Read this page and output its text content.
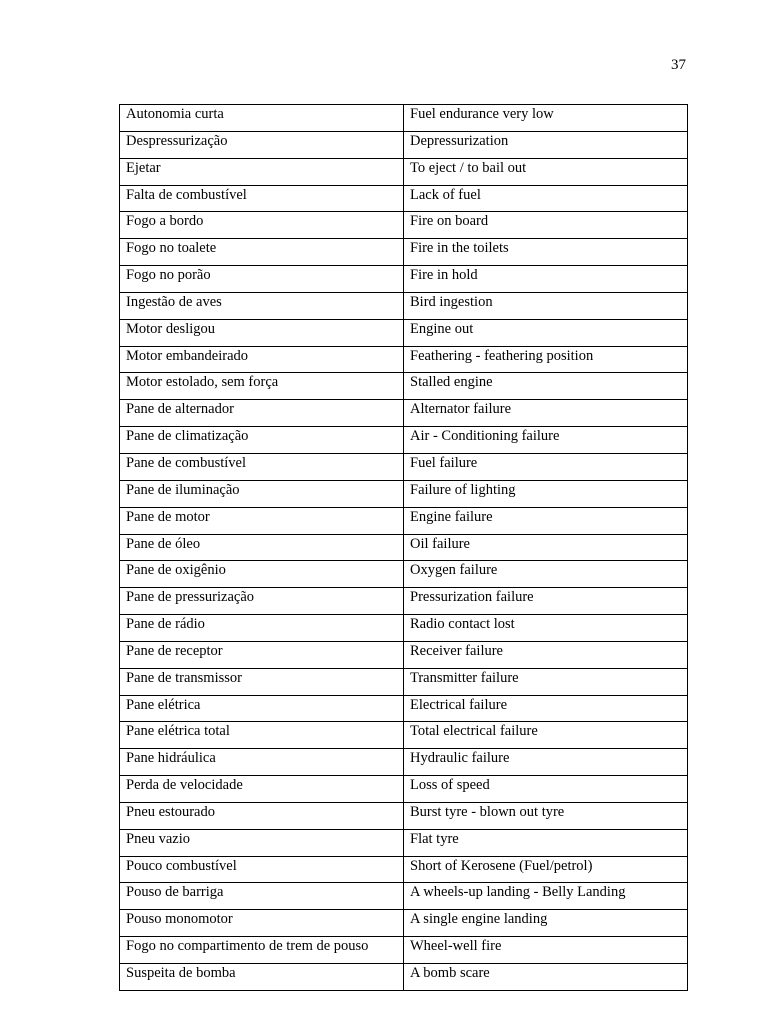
37
Autonomia curta	Fuel endurance very low
Despressurização	Depressurization
Ejetar	To eject / to bail out
Falta de combustível	Lack of fuel
Fogo a bordo	Fire on board
Fogo no toalete	Fire in the toilets
Fogo no porão	Fire in hold
Ingestão de aves	Bird ingestion
Motor desligou	Engine out
Motor embandeirado	Feathering - feathering position
Motor estolado, sem força	Stalled engine
Pane de alternador	Alternator failure
Pane de climatização	Air - Conditioning failure
Pane de combustível	Fuel failure
Pane de iluminação	Failure of lighting
Pane de motor	Engine failure
Pane de óleo	Oil failure
Pane de oxigênio	Oxygen failure
Pane de pressurização	Pressurization failure
Pane de rádio	Radio contact lost
Pane de receptor	Receiver failure
Pane de transmissor	Transmitter failure
Pane elétrica	Electrical failure
Pane elétrica total	Total electrical failure
Pane hidráulica	Hydraulic failure
Perda de velocidade	Loss of speed
Pneu estourado	Burst tyre - blown out tyre
Pneu vazio	Flat tyre
Pouco combustível	Short of Kerosene (Fuel/petrol)
Pouso de barriga	A wheels-up landing - Belly Landing
Pouso monomotor	A single engine landing
Fogo no compartimento de trem de pouso	Wheel-well fire
Suspeita de bomba	A bomb scare
